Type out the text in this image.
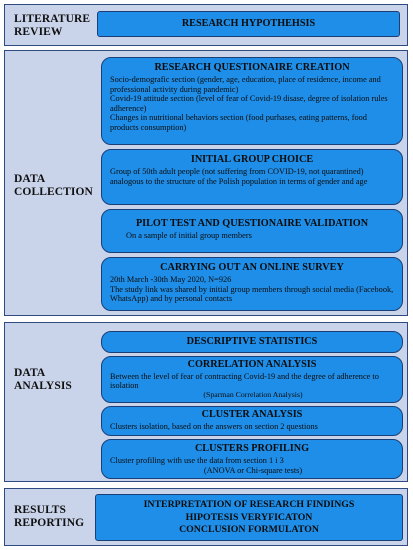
LITERATURE
REVIEW
RESEARCH HYPOTHEHSIS
DATA COLLECTION
RESEARCH QUESTIONAIRE CREATION
Socio-demografic section (gender, age, education, place of residence, income and professional activity during pandemic)
Covid-19 attitude section (level of fear of Covid-19 disase, degree of isolation rules adherence)
Changes in nutritional behaviors section (food purhases, eating patterns, food products consumption)
INITIAL GROUP CHOICE
Group of 50th adult people (not suffering from COVID-19, not quarantined) analogous to the structure of the Polish population in terms of gender and age
PILOT TEST AND QUESTIONAIRE VALIDATION
On a sample of initial group members
CARRYING OUT AN ONLINE SURVEY
20th March -30th May 2020, N=926
The study link was shared by initial group members through social media (Facebook, WhatsApp) and by personal contacts
DATA ANALYSIS
DESCRIPTIVE STATISTICS
CORRELATION ANALYSIS
Between the level of fear of contracting Covid-19 and the degree of adherence to isolation
(Sparman Correlation Analysis)
CLUSTER ANALYSIS
Clusters isolation, based on the answers on section 2 questions
CLUSTERS PROFILING
Cluster profiling with use the data from section 1 i 3
(ANOVA or Chi-square tests)
RESULTS
REPORTING
INTERPRETATION OF RESEARCH FINDINGS
HIPOTESIS VERYFICATON
CONCLUSION FORMULATON
